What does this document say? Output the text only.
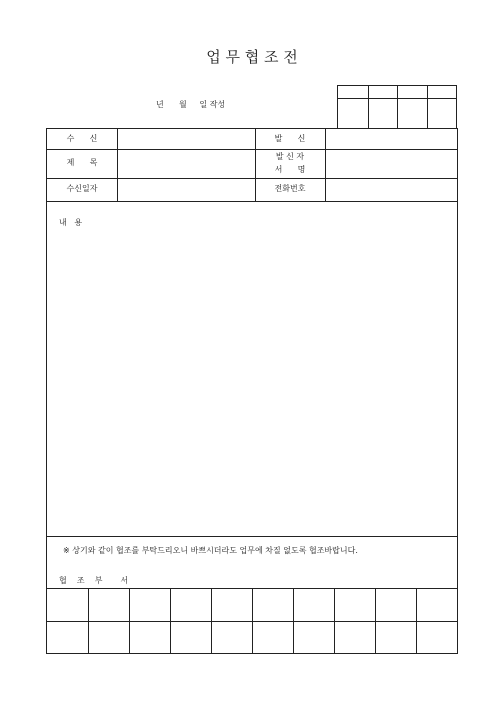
업 무 협 조 전
년      월     일 작성
수      신	발      신
제      목
발 신 자
서      명
수신일자	전화번호
내   용
※ 상기와 같이 협조를 부탁드리오니 바쁘시더라도 업무에 차질 없도록 협조바랍니다.
협    조    부       서
